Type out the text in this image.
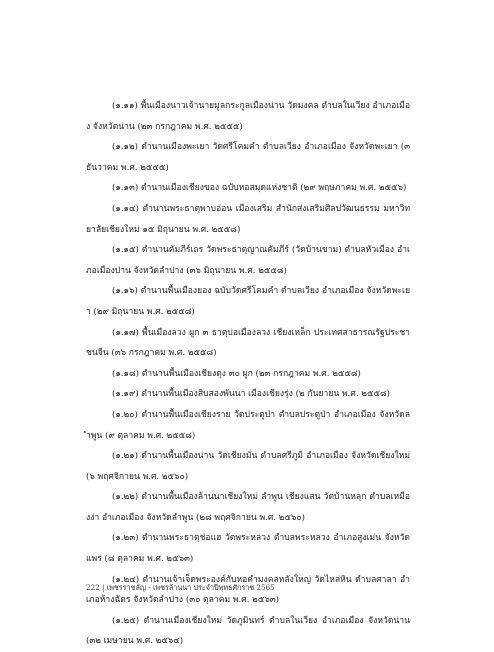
(๑.๑๑) พื้นเมืองนาวเจ้านายมูลกระกูลเมืองน่าน วัดมงคล ตำบลในเวียง อำเภอเมือง จังหวัดน่าน (๒๓ กรกฎาคม พ.ศ. ๒๕๕๕)

(๑.๑๒) ตำนานเมืองพะเยา วัดศรีโคมคำ ตำบลเวียง อำเภอเมือง จังหวัดพะเยา (๓ ธันวาคม พ.ศ. ๒๕๕๕)

(๑.๑๓) ตำนานเมืองเชียงของ ฉบับหอสมุดแห่งชาติ (๒๙ พฤษภาคม พ.ศ. ๒๕๕๖)

(๑.๑๔) ตำนานพระธาตุพาบอ่อน เมืองเสริม สำนักส่งเสริมศิลปวัฒนธรรม มหาวิทยาลัยเชียงใหม่ ๑๕ มิถุนายน พ.ศ. ๒๕๕๘)

(๑.๑๕) ตำนานคัมภีร์เถร วัดพระธาตุญาณคัมภีร์ (วัดบ้านขาม) ตำบลหัวเมือง อำเภอเมืองปาน จังหวัดลำปาง (๓๖ มิถุนายน พ.ศ. ๒๕๕๘)

(๑.๑๖) ตำนานพื้นเมืองยอง ฉบับวัดศรีโคมคำ ตำบลเวียง อำเภอเมือง จังหวัดพะเยา (๒๙ มิถุนายน พ.ศ. ๒๕๕๘)

(๑.๑๗) พื้นเมืองลวง ผูก ๓ ธาตุบ่อเมืองลวง เชียงเหล็ก ประเทศสาธารณรัฐประชาชนจีน (๓๖ กรกฎาคม พ.ศ. ๒๕๕๘)

(๑.๑๘) ตำนานพื้นเมืองเชียงตุง ๓๐ ผูก (๒๓ กรกฎาคม พ.ศ. ๒๕๕๘)

(๑.๑๙) ตำนานพื้นเมืองสิบสองพันนา เมืองเชียงรุ่ง (๒ กันยายน พ.ศ. ๒๕๕๘)

(๑.๒๐) ตำนานพื้นเมืองเชียงราย วัดประตูป่า ตำบลประตูป่า อำเภอเมือง จังหวัดลำพูน (๙ ตุลาคม พ.ศ. ๒๕๕๘)

(๑.๒๑) ตำนานพื้นเมืองน่าน วัดเชียงมั่น ตำบลศรีภูมิ อำเภอเมือง จังหวัดเชียงใหม่ (๖ พฤศจิกายน พ.ศ. ๒๕๖๐)

(๑.๒๒) ตำนานพื้นเมืองล้านนาเชียงใหม่ ลำพูน เชียงแสน วัดบ้านหลุก ตำบลเหมืองง่า อำเภอเมือง จังหวัดลำพูน (๒๘ พฤศจิกายน พ.ศ. ๒๕๖๐)

(๑.๒๓) ตำนานพระธาตุช่อแฮ วัดพระหลวง ตำบลพระหลวง อำเภอสูงเม่น จังหวัดแพร่ (๘ ตุลาคม พ.ศ. ๒๕๖๓)

(๑.๒๔) ตำนานเจ้าเจ็ดพระองค์กับหอคำมงคลหลังใหญ่ วัดไหล่หิน ตำบลศาลา อำเภอห้างฉัตร จังหวัดลำปาง (๓๐ ตุลาคม พ.ศ. ๒๕๖๓)

(๑.๒๕) ตำนานเมืองเชียงใหม่ วัดภูมินทร์ ตำบลในเวียง อำเภอเมือง จังหวัดน่าน (๓๒ เมษายน พ.ศ. ๒๕๖๔)

222 | เพชรราชลัญ - เพชรล้านนา ประจำปีพุทธศักราช 2565
